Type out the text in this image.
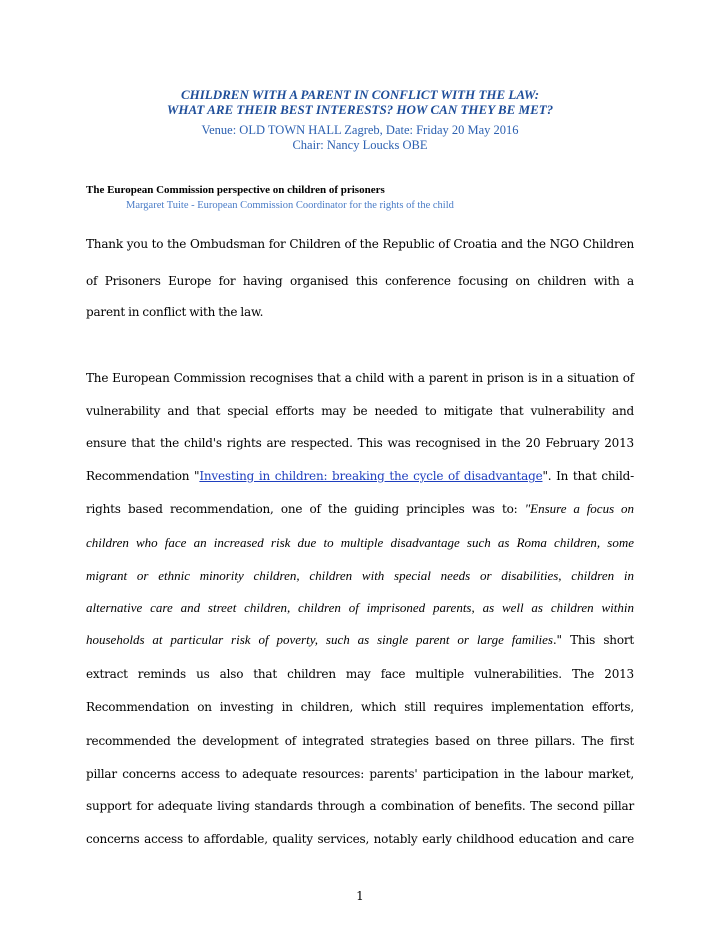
CHILDREN WITH A PARENT IN CONFLICT WITH THE LAW:
WHAT ARE THEIR BEST INTERESTS? HOW CAN THEY BE MET?
Venue: OLD TOWN HALL Zagreb, Date: Friday 20 May 2016
Chair: Nancy Loucks OBE
The European Commission perspective on children of prisoners
Margaret Tuite - European Commission Coordinator for the rights of the child
Thank you to the Ombudsman for Children of the Republic of Croatia and the NGO Children
of Prisoners Europe for having organised this conference focusing on children with a
parent in conflict with the law.
The European Commission recognises that a child with a parent in prison is in a situation of
vulnerability and that special efforts may be needed to mitigate that vulnerability and
ensure that the child's rights are respected. This was recognised in the 20 February 2013
Recommendation "Investing in children: breaking the cycle of disadvantage". In that child-
rights based recommendation, one of the guiding principles was to: "Ensure a focus on
children who face an increased risk due to multiple disadvantage such as Roma children, some
migrant or ethnic minority children, children with special needs or disabilities, children in
alternative care and street children, children of imprisoned parents, as well as children within
households at particular risk of poverty, such as single parent or large families." This short
extract reminds us also that children may face multiple vulnerabilities. The 2013
Recommendation on investing in children, which still requires implementation efforts,
recommended the development of integrated strategies based on three pillars. The first
pillar concerns access to adequate resources: parents' participation in the labour market,
support for adequate living standards through a combination of benefits. The second pillar
concerns access to affordable, quality services, notably early childhood education and care
1
